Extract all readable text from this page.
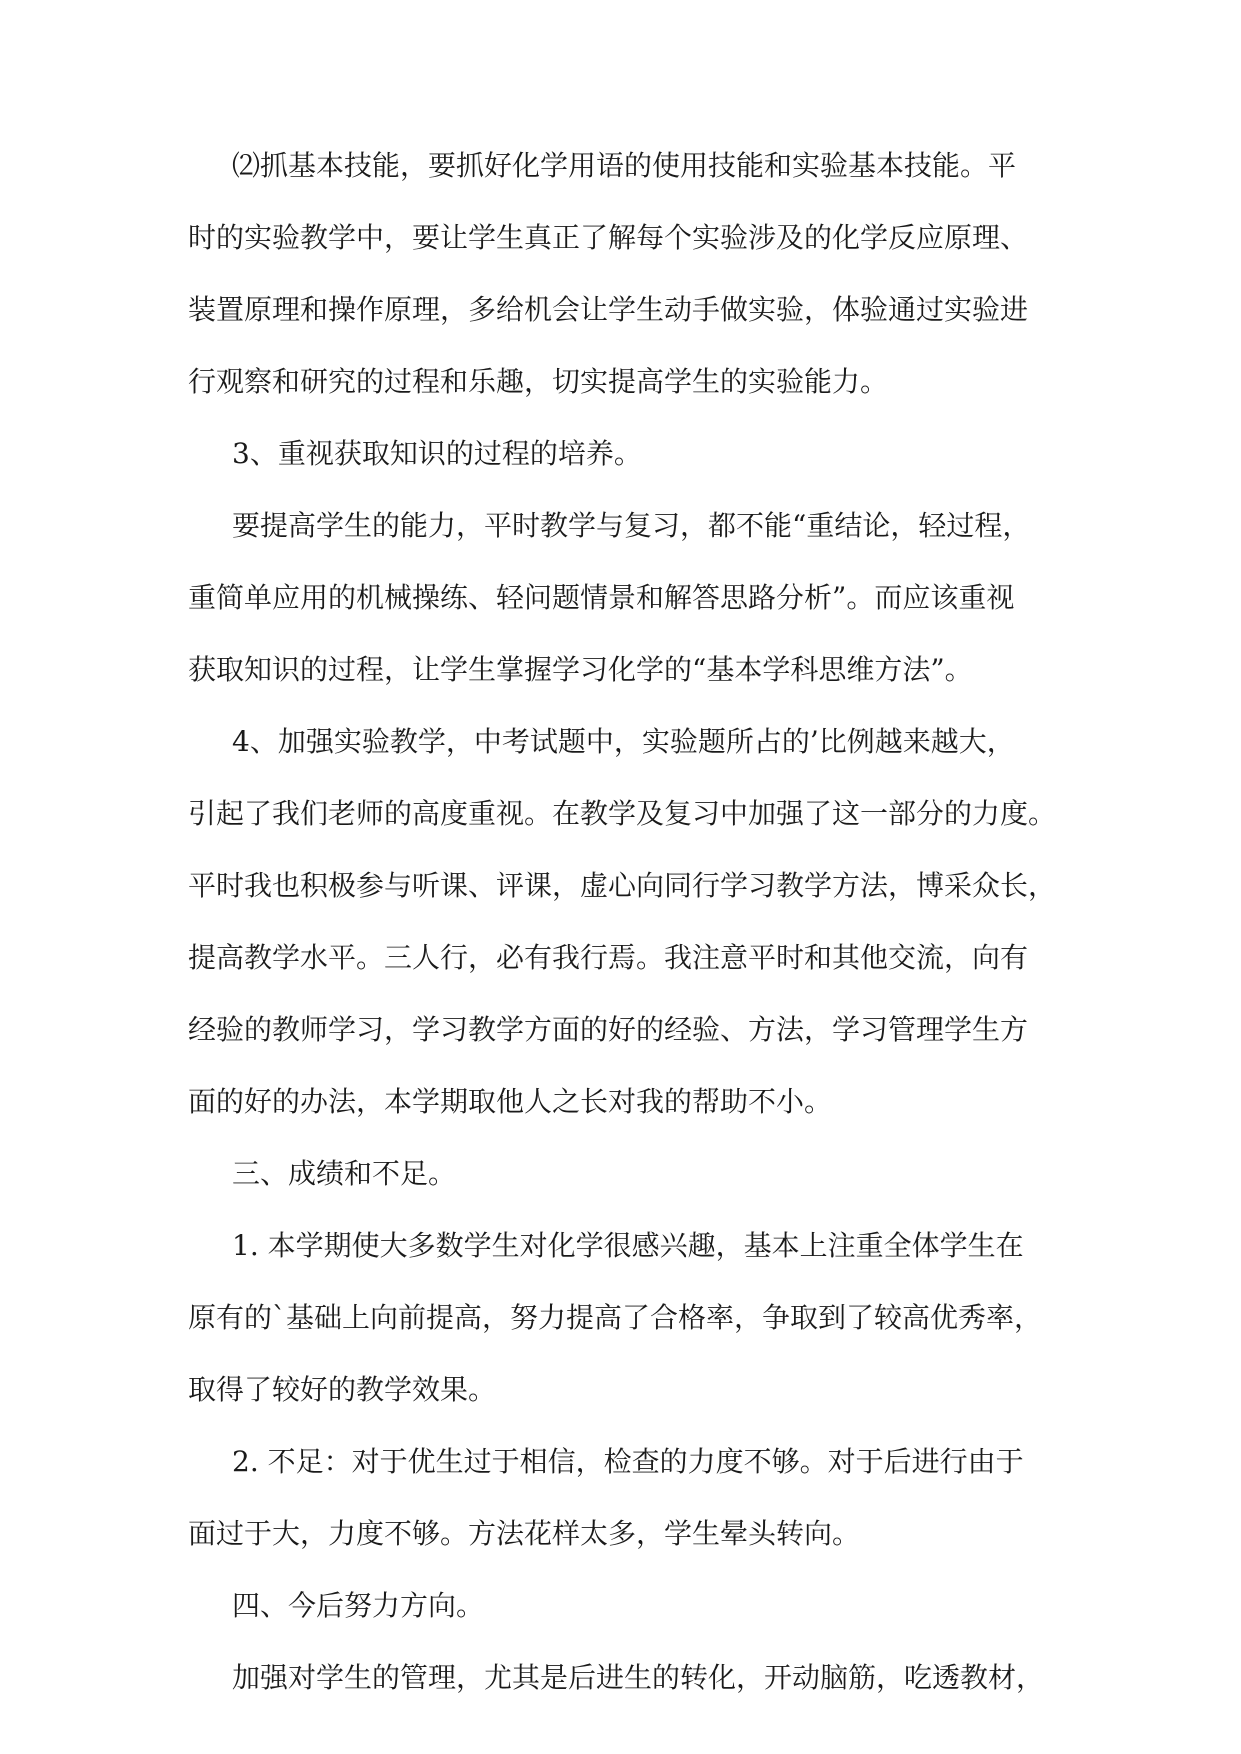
⑵抓基本技能，要抓好化学用语的使用技能和实验基本技能。平
时的实验教学中，要让学生真正了解每个实验涉及的化学反应原理、
装置原理和操作原理，多给机会让学生动手做实验，体验通过实验进
行观察和研究的过程和乐趣，切实提高学生的实验能力。
3、重视获取知识的过程的培养。
要提高学生的能力，平时教学与复习，都不能“重结论，轻过程，
重简单应用的机械操练、轻问题情景和解答思路分析”。而应该重视
获取知识的过程，让学生掌握学习化学的“基本学科思维方法”。
4、加强实验教学，中考试题中，实验题所占的’比例越来越大，
引起了我们老师的高度重视。在教学及复习中加强了这一部分的力度。
平时我也积极参与听课、评课，虚心向同行学习教学方法，博采众长，
提高教学水平。三人行，必有我行焉。我注意平时和其他交流，向有
经验的教师学习，学习教学方面的好的经验、方法，学习管理学生方
面的好的办法，本学期取他人之长对我的帮助不小。
三、成绩和不足。
1. 本学期使大多数学生对化学很感兴趣，基本上注重全体学生在
原有的`基础上向前提高，努力提高了合格率，争取到了较高优秀率，
取得了较好的教学效果。
2. 不足：对于优生过于相信，检查的力度不够。对于后进行由于
面过于大，力度不够。方法花样太多，学生晕头转向。
四、今后努力方向。
加强对学生的管理，尤其是后进生的转化，开动脑筋，吃透教材，
